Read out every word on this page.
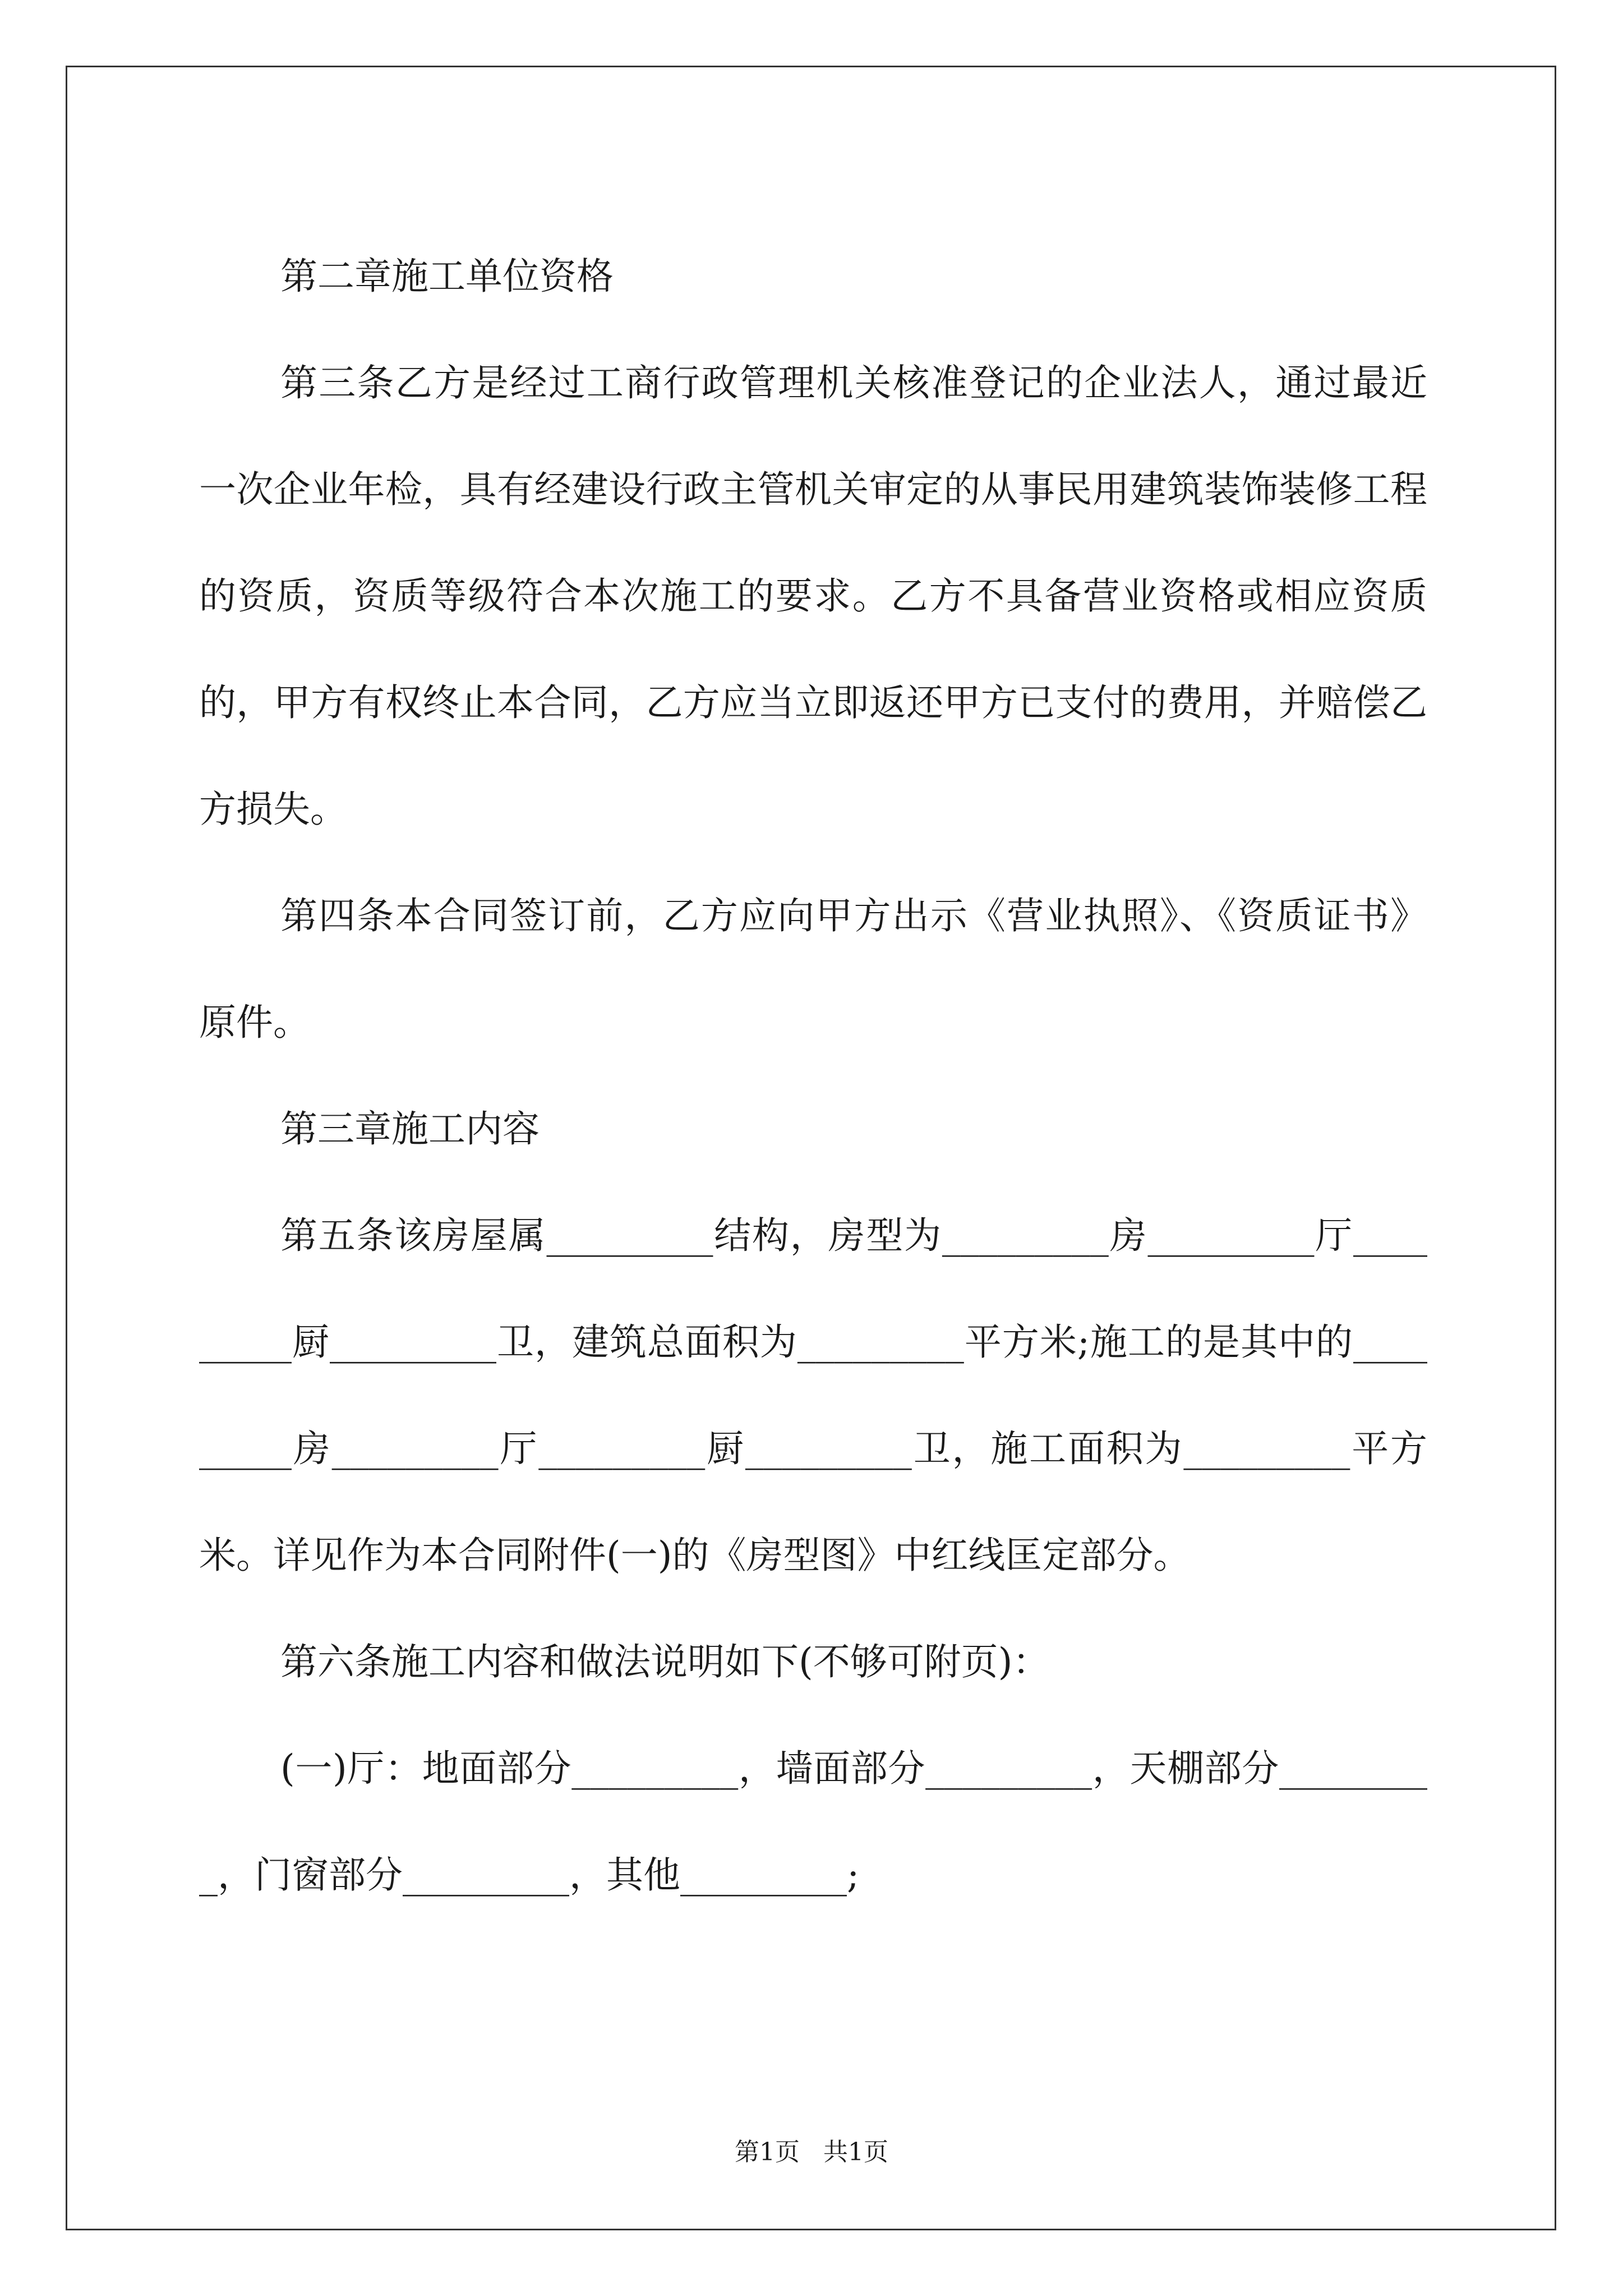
第二章施工单位资格

第三条乙方是经过工商行政管理机关核准登记的企业法人，通过最近一次企业年检，具有经建设行政主管机关审定的从事民用建筑装饰装修工程的资质，资质等级符合本次施工的要求。乙方不具备营业资格或相应资质的，甲方有权终止本合同，乙方应当立即返还甲方已支付的费用，并赔偿乙方损失。

第四条本合同签订前，乙方应向甲方出示《营业执照》、《资质证书》原件。

第三章施工内容

第五条该房屋属_________结构，房型为_________房_________厅_________厨_________卫，建筑总面积为_________平方米;施工的是其中的_________房_________厅_________厨_________卫，施工面积为_________平方米。详见作为本合同附件(一)的《房型图》中红线匡定部分。

第六条施工内容和做法说明如下(不够可附页)：

(一)厅：地面部分_________，墙面部分_________，天棚部分_________，门窗部分_________，其他_________;

第1页 共1页
